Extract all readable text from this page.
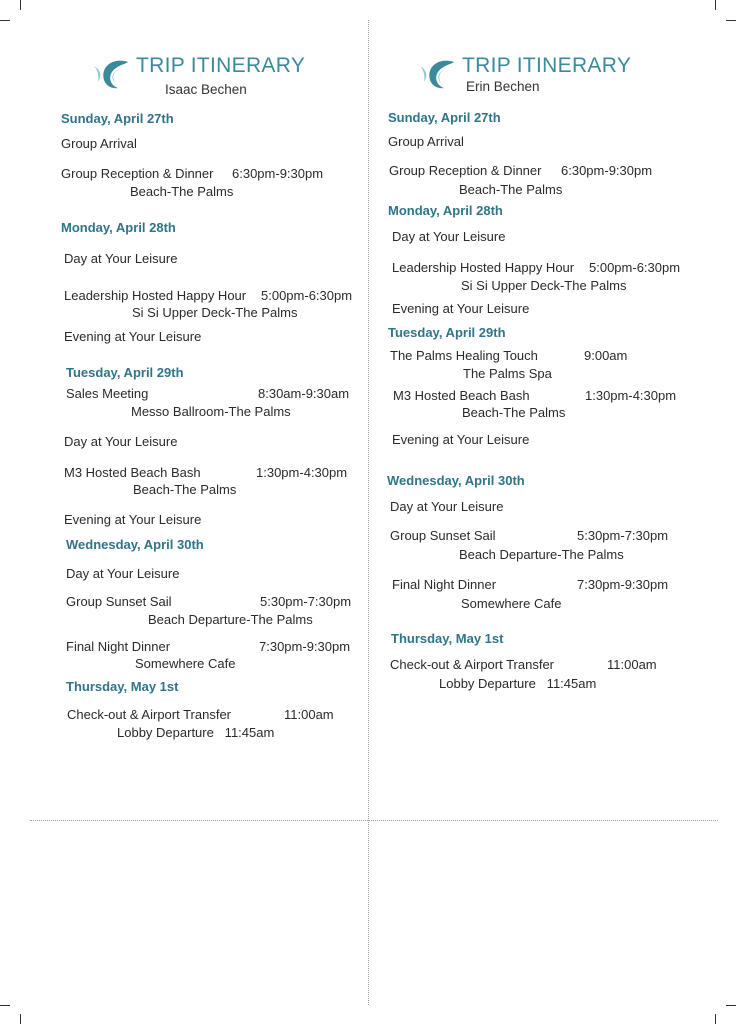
TRIP ITINERARY
Isaac Bechen
Sunday, April 27th
Group Arrival
Group Reception & Dinner 6:30pm-9:30pm
Beach-The Palms
Monday, April 28th
Day at Your Leisure
Leadership Hosted Happy Hour 5:00pm-6:30pm
Si Si Upper Deck-The Palms
Evening at Your Leisure
Tuesday, April 29th
Sales Meeting	8:30am-9:30am
Messo Ballroom-The Palms
Day at Your Leisure
M3 Hosted Beach Bash	1:30pm-4:30pm
Beach-The Palms
Evening at Your Leisure
Wednesday, April 30th
Day at Your Leisure
Group Sunset Sail	5:30pm-7:30pm
Beach Departure-The Palms
Final Night Dinner	7:30pm-9:30pm
Somewhere Cafe
Thursday, May 1st
Check-out & Airport Transfer	11:00am
Lobby Departure   11:45am
TRIP ITINERARY
Erin Bechen
Sunday, April 27th
Group Arrival
Group Reception & Dinner 6:30pm-9:30pm
Beach-The Palms
Monday, April 28th
Day at Your Leisure
Leadership Hosted Happy Hour 5:00pm-6:30pm
Si Si Upper Deck-The Palms
Evening at Your Leisure
Tuesday, April 29th
The Palms Healing Touch	9:00am
The Palms Spa
M3 Hosted Beach Bash	1:30pm-4:30pm
Beach-The Palms
Evening at Your Leisure
Wednesday, April 30th
Day at Your Leisure
Group Sunset Sail	5:30pm-7:30pm
Beach Departure-The Palms
Final Night Dinner	7:30pm-9:30pm
Somewhere Cafe
Thursday, May 1st
Check-out & Airport Transfer	11:00am
Lobby Departure   11:45am
